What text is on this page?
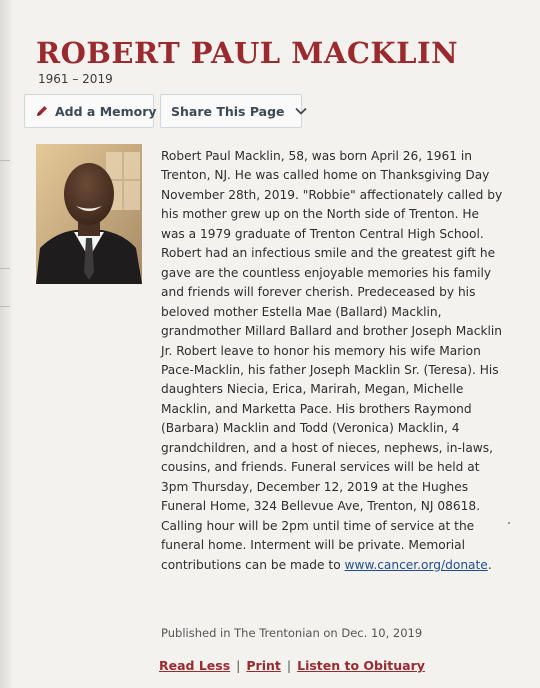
ROBERT PAUL MACKLIN
1961 – 2019
Add a Memory Share This Page
Robert Paul Macklin, 58, was born April 26, 1961 in Trenton, NJ. He was called home on Thanksgiving Day November 28th, 2019. "Robbie" affectionately called by his mother grew up on the North side of Trenton. He was a 1979 graduate of Trenton Central High School. Robert had an infectious smile and the greatest gift he gave are the countless enjoyable memories his family and friends will forever cherish. Predeceased by his beloved mother Estella Mae (Ballard) Macklin, grandmother Millard Ballard and brother Joseph Macklin Jr. Robert leave to honor his memory his wife Marion Pace-Macklin, his father Joseph Macklin Sr. (Teresa). His daughters Niecia, Erica, Marirah, Megan, Michelle Macklin, and Marketta Pace. His brothers Raymond (Barbara) Macklin and Todd (Veronica) Macklin, 4 grandchildren, and a host of nieces, nephews, in-laws, cousins, and friends. Funeral services will be held at 3pm Thursday, December 12, 2019 at the Hughes Funeral Home, 324 Bellevue Ave, Trenton, NJ 08618. Calling hour will be 2pm until time of service at the funeral home. Interment will be private. Memorial contributions can be made to www.cancer.org/donate.
Published in The Trentonian on Dec. 10, 2019
Read Less | Print | Listen to Obituary
